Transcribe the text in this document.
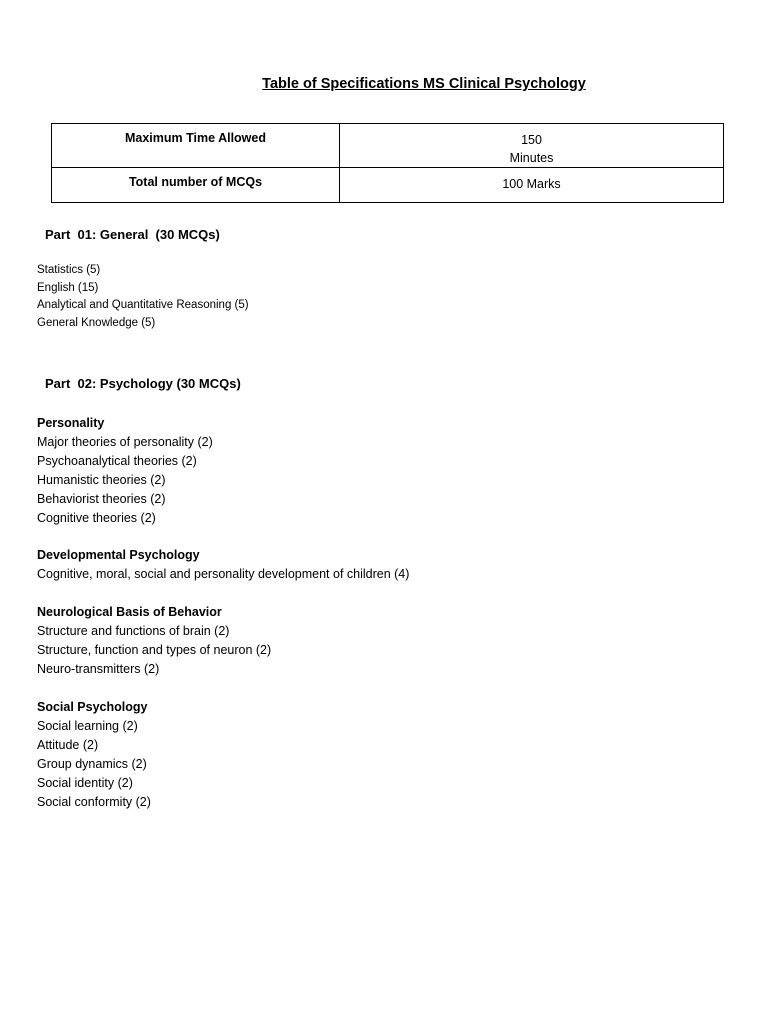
Table of Specifications MS Clinical Psychology
Maximum Time Allowed	150
Minutes

Total number of MCQs	100 Marks
Part  01: General  (30 MCQs)
Statistics (5)
English (15)
Analytical and Quantitative Reasoning (5)
General Knowledge (5)
Part  02: Psychology (30 MCQs)
Personality
Major theories of personality (2)
Psychoanalytical theories (2)
Humanistic theories (2)
Behaviorist theories (2)
Cognitive theories (2)
Developmental Psychology
Cognitive, moral, social and personality development of children (4)
Neurological Basis of Behavior
Structure and functions of brain (2)
Structure, function and types of neuron (2)
Neuro-transmitters (2)
Social Psychology
Social learning (2)
Attitude (2)
Group dynamics (2)
Social identity (2)
Social conformity (2)
